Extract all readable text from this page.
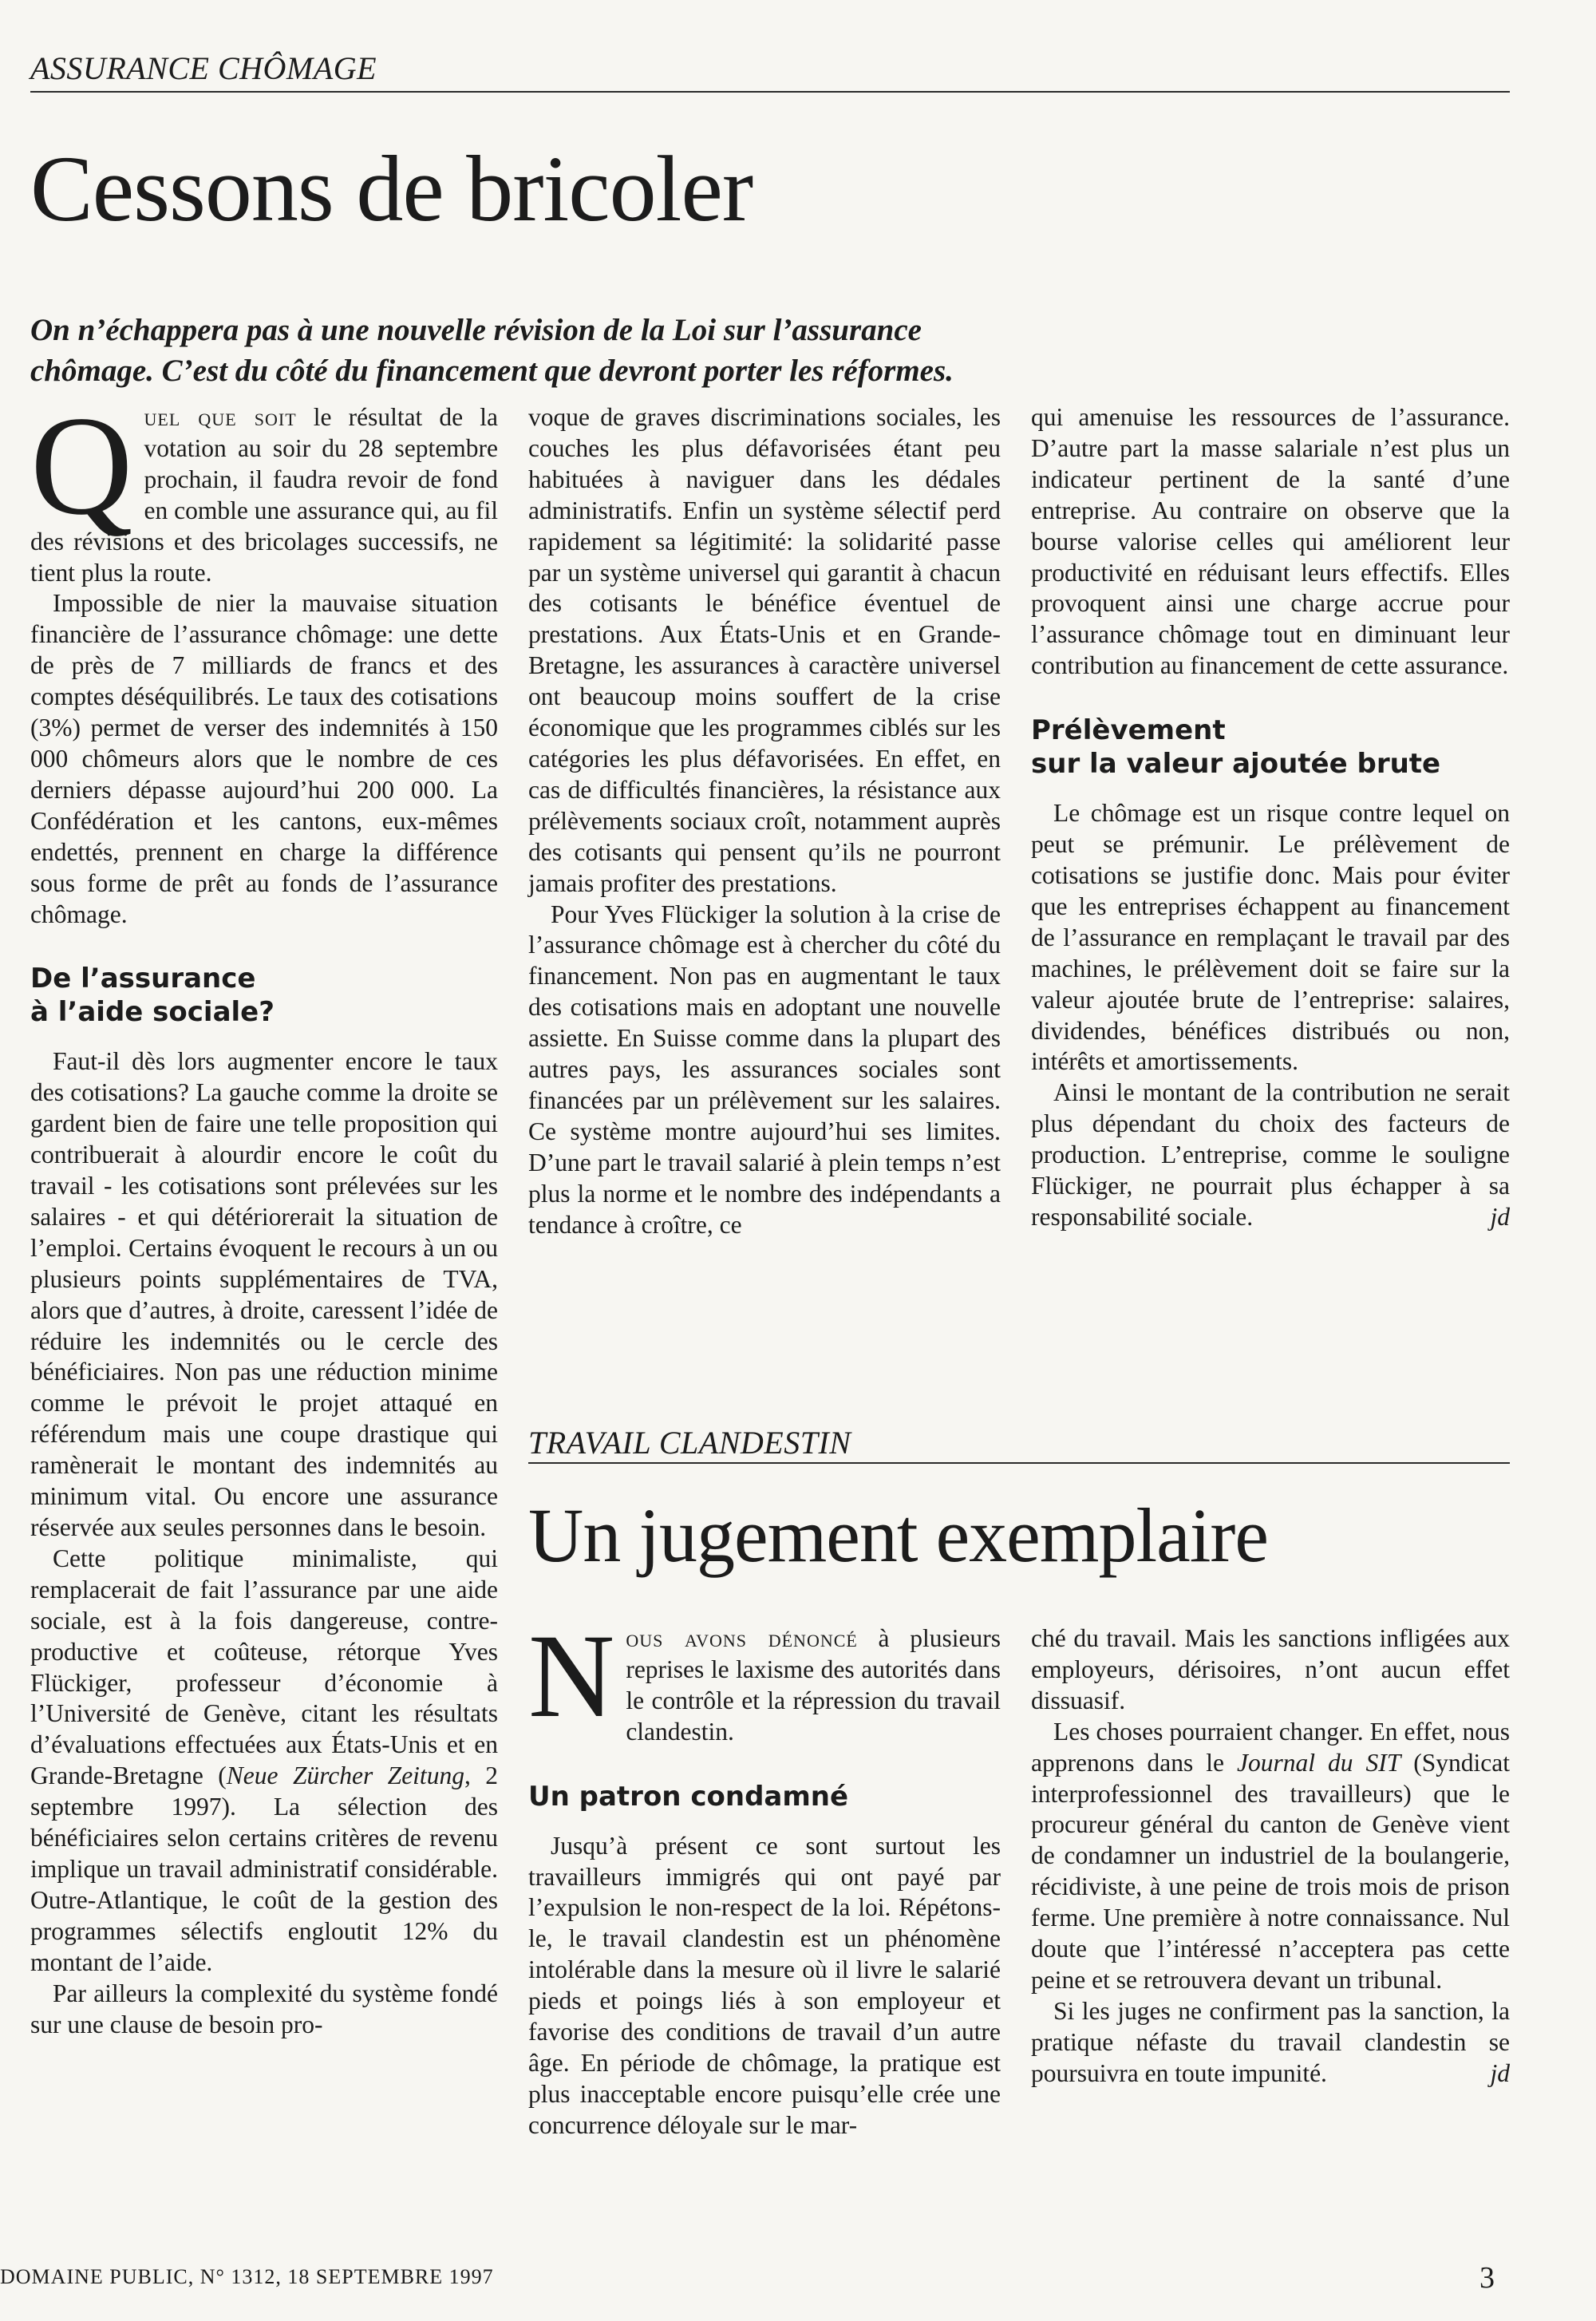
ASSURANCE CHÔMAGE
Cessons de bricoler
On n’échappera pas à une nouvelle révision de la Loi sur l’assurance
chômage. C’est du côté du financement que devront porter les réformes.

Quel que soit le résultat de la votation au soir du 28 septembre prochain, il faudra revoir de fond en comble une assurance qui, au fil des révisions et des bricolages successifs, ne tient plus la route.

Impossible de nier la mauvaise situation financière de l’assurance chômage: une dette de près de 7 milliards de francs et des comptes déséquilibrés. Le taux des cotisations (3%) permet de verser des indemnités à 150 000 chômeurs alors que le nombre de ces derniers dépasse aujourd’hui 200 000. La Confédération et les cantons, eux-mêmes endettés, prennent en charge la différence sous forme de prêt au fonds de l’assurance chômage.

De l’assurance
à l’aide sociale?

Faut-il dès lors augmenter encore le taux des cotisations? La gauche comme la droite se gardent bien de faire une telle proposition qui contribuerait à alourdir encore le coût du travail - les cotisations sont prélevées sur les salaires - et qui détériorerait la situation de l’emploi. Certains évoquent le recours à un ou plusieurs points supplémentaires de TVA, alors que d’autres, à droite, caressent l’idée de réduire les indemnités ou le cercle des bénéficiaires. Non pas une réduction minime comme le prévoit le projet attaqué en référendum mais une coupe drastique qui ramènerait le montant des indemnités au minimum vital. Ou encore une assurance réservée aux seules personnes dans le besoin.

Cette politique minimaliste, qui remplacerait de fait l’assurance par une aide sociale, est à la fois dangereuse, contre-productive et coûteuse, rétorque Yves Flückiger, professeur d’économie à l’Université de Genève, citant les résultats d’évaluations effectuées aux États-Unis et en Grande-Bretagne (Neue Zürcher Zeitung, 2 septembre 1997). La sélection des bénéficiaires selon certains critères de revenu implique un travail administratif considérable. Outre-Atlantique, le coût de la gestion des programmes sélectifs engloutit 12% du montant de l’aide.

Par ailleurs la complexité du système fondé sur une clause de besoin pro-

voque de graves discriminations sociales, les couches les plus défavorisées étant peu habituées à naviguer dans les dédales administratifs. Enfin un système sélectif perd rapidement sa légitimité: la solidarité passe par un système universel qui garantit à chacun des cotisants le bénéfice éventuel de prestations. Aux États-Unis et en Grande-Bretagne, les assurances à caractère universel ont beaucoup moins souffert de la crise économique que les programmes ciblés sur les catégories les plus défavorisées. En effet, en cas de difficultés financières, la résistance aux prélèvements sociaux croît, notamment auprès des cotisants qui pensent qu’ils ne pourront jamais profiter des prestations.

Pour Yves Flückiger la solution à la crise de l’assurance chômage est à chercher du côté du financement. Non pas en augmentant le taux des cotisations mais en adoptant une nouvelle assiette. En Suisse comme dans la plupart des autres pays, les assurances sociales sont financées par un prélèvement sur les salaires. Ce système montre aujourd’hui ses limites. D’une part le travail salarié à plein temps n’est plus la norme et le nombre des indépendants a tendance à croître, ce

qui amenuise les ressources de l’assurance. D’autre part la masse salariale n’est plus un indicateur pertinent de la santé d’une entreprise. Au contraire on observe que la bourse valorise celles qui améliorent leur productivité en réduisant leurs effectifs. Elles provoquent ainsi une charge accrue pour l’assurance chômage tout en diminuant leur contribution au financement de cette assurance.

Prélèvement
sur la valeur ajoutée brute

Le chômage est un risque contre lequel on peut se prémunir. Le prélèvement de cotisations se justifie donc. Mais pour éviter que les entreprises échappent au financement de l’assurance en remplaçant le travail par des machines, le prélèvement doit se faire sur la valeur ajoutée brute de l’entreprise: salaires, dividendes, bénéfices distribués ou non, intérêts et amortissements.

Ainsi le montant de la contribution ne serait plus dépendant du choix des facteurs de production. L’entreprise, comme le souligne Flückiger, ne pourrait plus échapper à sa responsabilité sociale.	jd

TRAVAIL CLANDESTIN
Un jugement exemplaire

Nous avons dénoncé à plusieurs reprises le laxisme des autorités dans le contrôle et la répression du travail clandestin.

Un patron condamné

Jusqu’à présent ce sont surtout les travailleurs immigrés qui ont payé par l’expulsion le non-respect de la loi. Répétons-le, le travail clandestin est un phénomène intolérable dans la mesure où il livre le salarié pieds et poings liés à son employeur et favorise des conditions de travail d’un autre âge. En période de chômage, la pratique est plus inacceptable encore puisqu’elle crée une concurrence déloyale sur le mar-

ché du travail. Mais les sanctions infligées aux employeurs, dérisoires, n’ont aucun effet dissuasif.

Les choses pourraient changer. En effet, nous apprenons dans le Journal du SIT (Syndicat interprofessionnel des travailleurs) que le procureur général du canton de Genève vient de condamner un industriel de la boulangerie, récidiviste, à une peine de trois mois de prison ferme. Une première à notre connaissance. Nul doute que l’intéressé n’acceptera pas cette peine et se retrouvera devant un tribunal.

Si les juges ne confirment pas la sanction, la pratique néfaste du travail clandestin se poursuivra en toute impunité.	jd

DOMAINE PUBLIC, N° 1312, 18 SEPTEMBRE 1997	3
